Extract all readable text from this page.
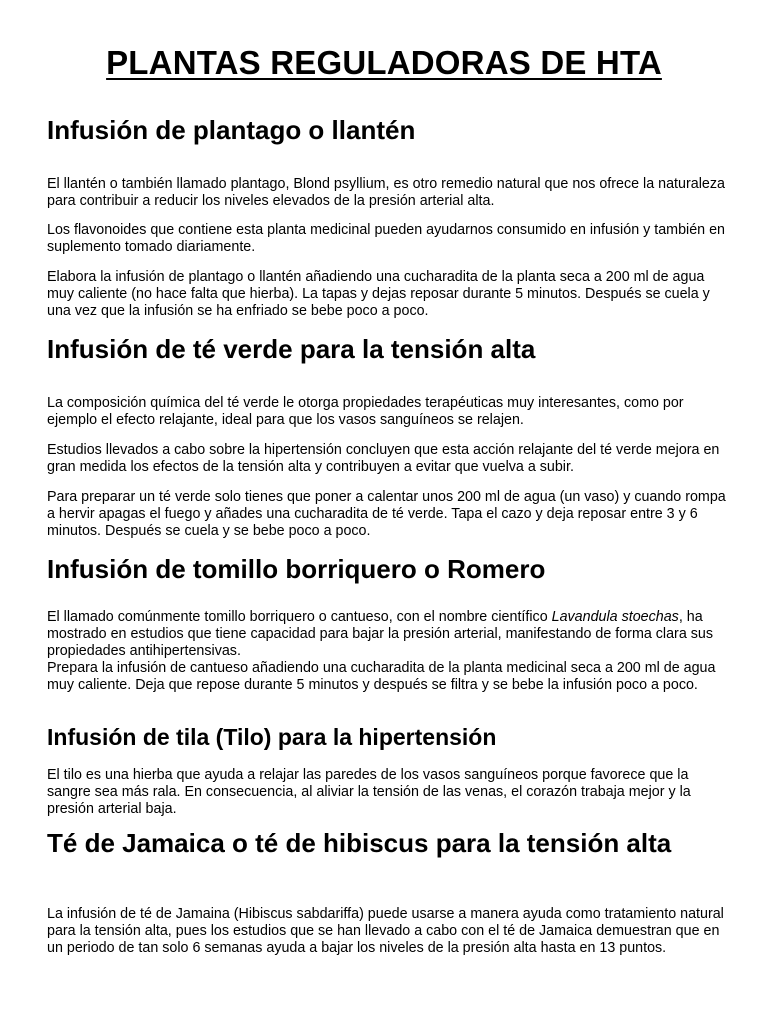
PLANTAS REGULADORAS DE HTA
Infusión de plantago o llantén

El llantén o también llamado plantago, Blond psyllium, es otro remedio natural que nos ofrece la naturaleza para contribuir a reducir los niveles elevados de la presión arterial alta.

Los flavonoides que contiene esta planta medicinal pueden ayudarnos consumido en infusión y también en suplemento tomado diariamente.

Elabora la infusión de plantago o llantén añadiendo una cucharadita de la planta seca a 200 ml de agua muy caliente (no hace falta que hierba). La tapas y dejas reposar durante 5 minutos. Después se cuela y una vez que la infusión se ha enfriado se bebe poco a poco.

Infusión de té verde para la tensión alta

La composición química del té verde le otorga propiedades terapéuticas muy interesantes, como por ejemplo el efecto relajante, ideal para que los vasos sanguíneos se relajen.

Estudios llevados a cabo sobre la hipertensión concluyen que esta acción relajante del té verde mejora en gran medida los efectos de la tensión alta y contribuyen a evitar que vuelva a subir.

Para preparar un té verde solo tienes que poner a calentar unos 200 ml de agua (un vaso) y cuando rompa a hervir apagas el fuego y añades una cucharadita de té verde. Tapa el cazo y deja reposar entre 3 y 6 minutos. Después se cuela y se bebe poco a poco.

Infusión de tomillo borriquero o Romero

El llamado comúnmente tomillo borriquero o cantueso, con el nombre científico Lavandula stoechas, ha mostrado en estudios que tiene capacidad para bajar la presión arterial, manifestando de forma clara sus propiedades antihipertensivas.

Prepara la infusión de cantueso añadiendo una cucharadita de la planta medicinal seca a 200 ml de agua muy caliente. Deja que repose durante 5 minutos y después se filtra y se bebe la infusión poco a poco.

Infusión de tila (Tilo) para la hipertensión

El tilo es una hierba que ayuda a relajar las paredes de los vasos sanguíneos porque favorece que la sangre sea más rala. En consecuencia, al aliviar la tensión de las venas, el corazón trabaja mejor y la presión arterial baja.

Té de Jamaica o té de hibiscus para la tensión alta

La infusión de té de Jamaina (Hibiscus sabdariffa) puede usarse a manera ayuda como tratamiento natural para la tensión alta, pues los estudios que se han llevado a cabo con el té de Jamaica demuestran que en un periodo de tan solo 6 semanas ayuda a bajar los niveles de la presión alta hasta en 13 puntos.
